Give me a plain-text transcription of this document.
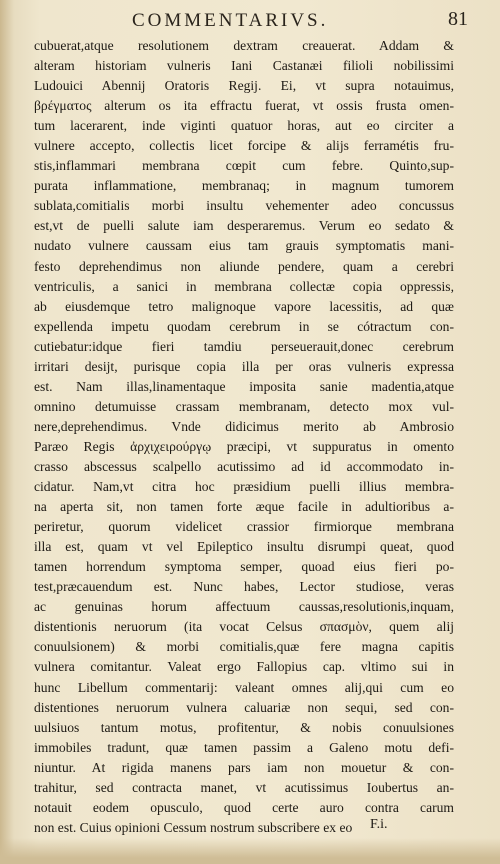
COMMENTARIVS.	81
cubuerat,atque resolutionem dextram creauerat. Addam &
alteram historiam vulneris Iani Castanæi filioli nobilissimi
Ludouici Abennij Oratoris Regij. Ei, vt supra notauimus,
βρέγματος alterum os ita effractu fuerat, vt ossis frusta omen-
tum lacerarent, inde viginti quatuor horas, aut eo circiter a
vulnere accepto, collectis licet forcipe & alijs ferramétis fru-
stis,inflammari membrana cœpit cum febre. Quinto,sup-
purata inflammatione, membranaq; in magnum tumorem
sublata,comitialis morbi insultu vehementer adeo concussus
est,vt de puelli salute iam desperaremus. Verum eo sedato &
nudato vulnere caussam eius tam grauis symptomatis mani-
festo deprehendimus non aliunde pendere, quam a cerebri
ventriculis, a sanici in membrana collectæ copia oppressis,
ab eiusdemque tetro malignoque vapore lacessitis, ad quæ
expellenda impetu quodam cerebrum in se cótractum con-
cutiebatur:idque fieri tamdiu perseuerauit,donec cerebrum
irritari desijt, purisque copia illa per oras vulneris expressa
est. Nam illas,linamentaque imposita sanie madentia,atque
omnino detumuisse crassam membranam, detecto mox vul-
nere,deprehendimus. Vnde didicimus merito ab Ambrosio
Paræo Regis ἀρχιχειρούργῳ præcipi, vt suppuratus in omento
crasso abscessus scalpello acutissimo ad id accommodato in-
cidatur. Nam,vt citra hoc præsidium puelli illius membra-
na aperta sit, non tamen forte æque facile in adultioribus a-
periretur, quorum videlicet crassior firmiorque membrana
illa est, quam vt vel Epileptico insultu disrumpi queat, quod
tamen horrendum symptoma semper, quoad eius fieri po-
test,præcauendum est. Nunc habes, Lector studiose, veras
ac genuinas horum affectuum caussas,resolutionis,inquam,
distentionis neruorum (ita vocat Celsus σπασμὸν, quem alij
conuulsionem) & morbi comitialis,quæ fere magna capitis
vulnera comitantur. Valeat ergo Fallopius cap. vltimo sui in
hunc Libellum commentarij: valeant omnes alij,qui cum eo
distentiones neruorum vulnera caluariæ non sequi, sed con-
uulsiuos tantum motus, profitentur, & nobis conuulsiones
immobiles tradunt, quæ tamen passim a Galeno motu defi-
niuntur. At rigida manens pars iam non mouetur & con-
trahitur, sed contracta manet, vt acutissimus Ioubertus an-
notauit eodem opusculo, quod certe auro contra carum
non est. Cuius opinioni Cessum nostrum subscribere ex eo	F.i.
